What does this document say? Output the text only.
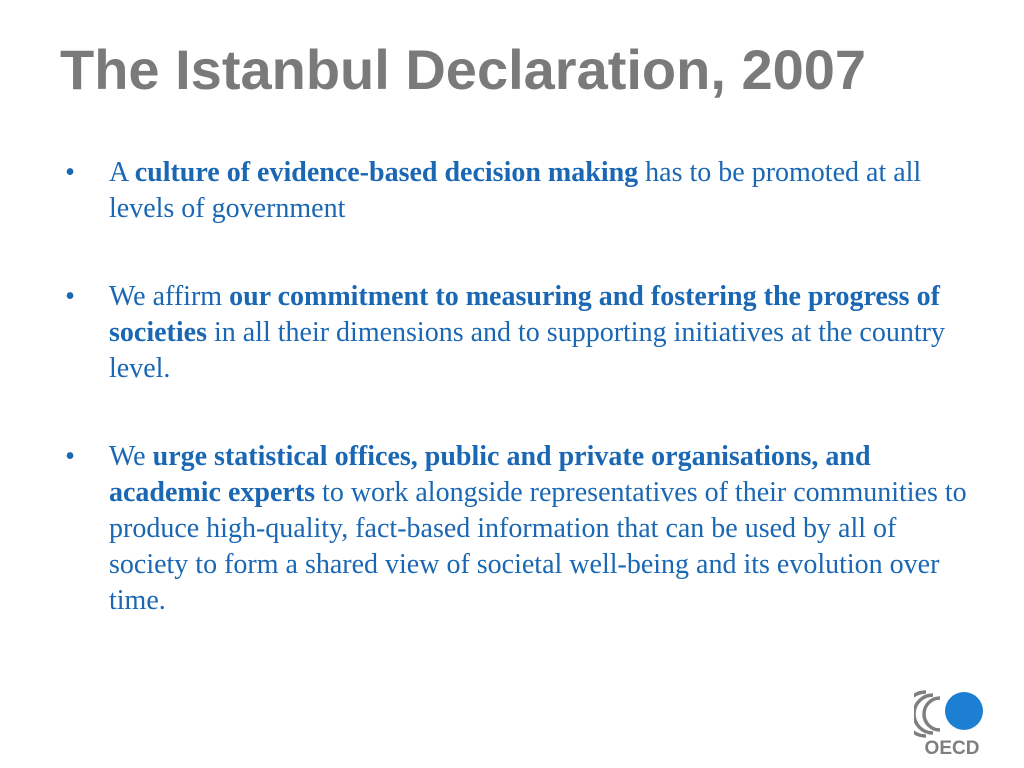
The Istanbul Declaration, 2007
• A culture of evidence-based decision making has to be promoted at all levels of government
• We affirm our commitment to measuring and fostering the progress of societies in all their dimensions and to supporting initiatives at the country level.
• We urge statistical offices, public and private organisations, and academic experts to work alongside representatives of their communities to produce high-quality, fact-based information that can be used by all of society to form a shared view of societal well-being and its evolution over time.
OECD
